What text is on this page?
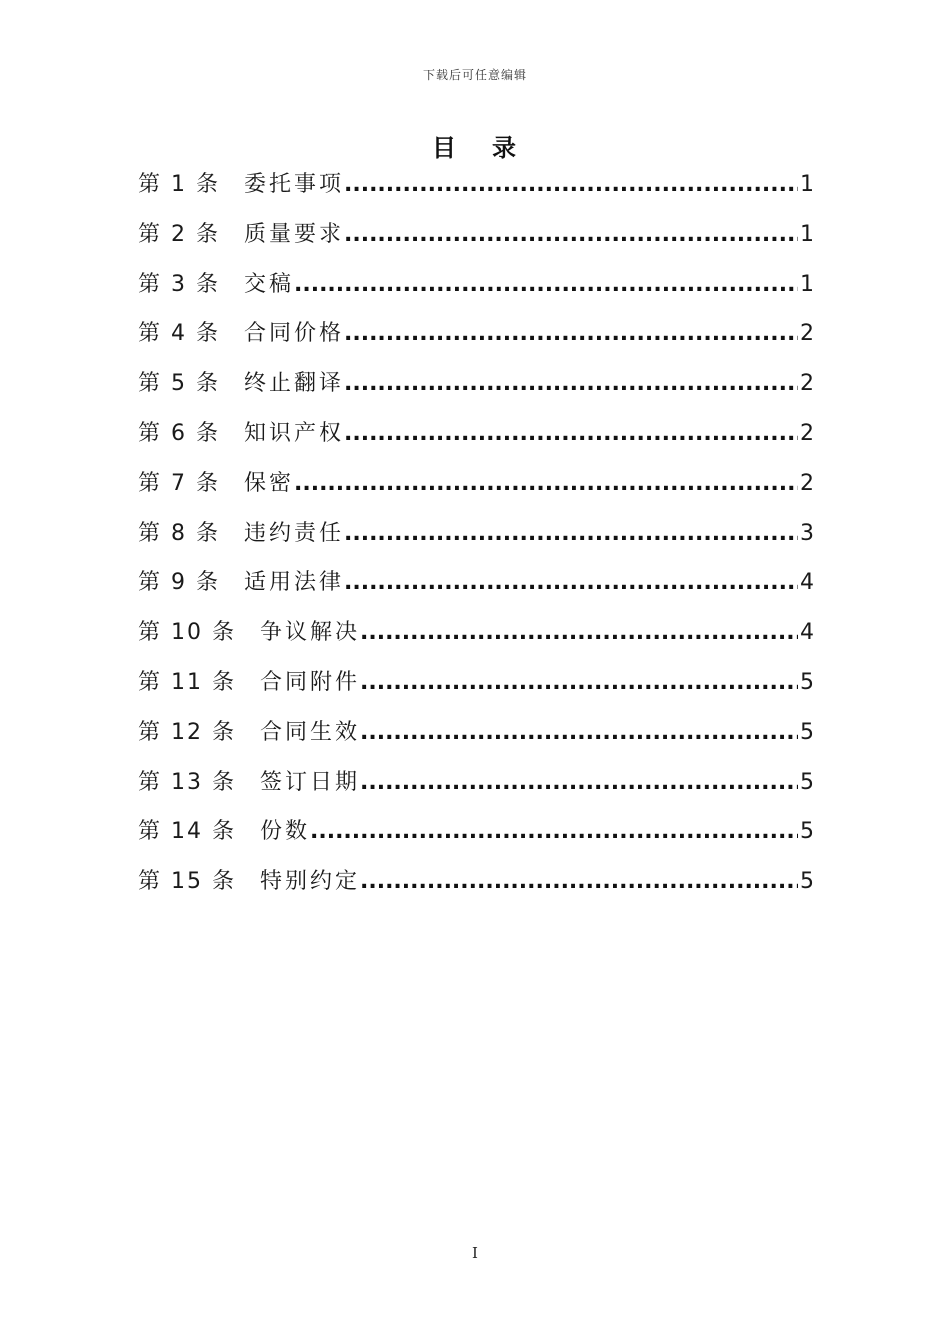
下载后可任意编辑
目 录
第 1 条 委托事项 .....	1
第 2 条 质量要求 .....	1
第 3 条 交稿 .....	1
第 4 条 合同价格 .....	2
第 5 条 终止翻译 .....	2
第 6 条 知识产权 .....	2
第 7 条 保密 .....	2
第 8 条 违约责任 .....	3
第 9 条 适用法律 .....	4
第 10 条 争议解决 .....	4
第 11 条 合同附件 .....	5
第 12 条 合同生效 .....	5
第 13 条 签订日期 .....	5
第 14 条 份数 .....	5
第 15 条 特别约定 .....	5
I
